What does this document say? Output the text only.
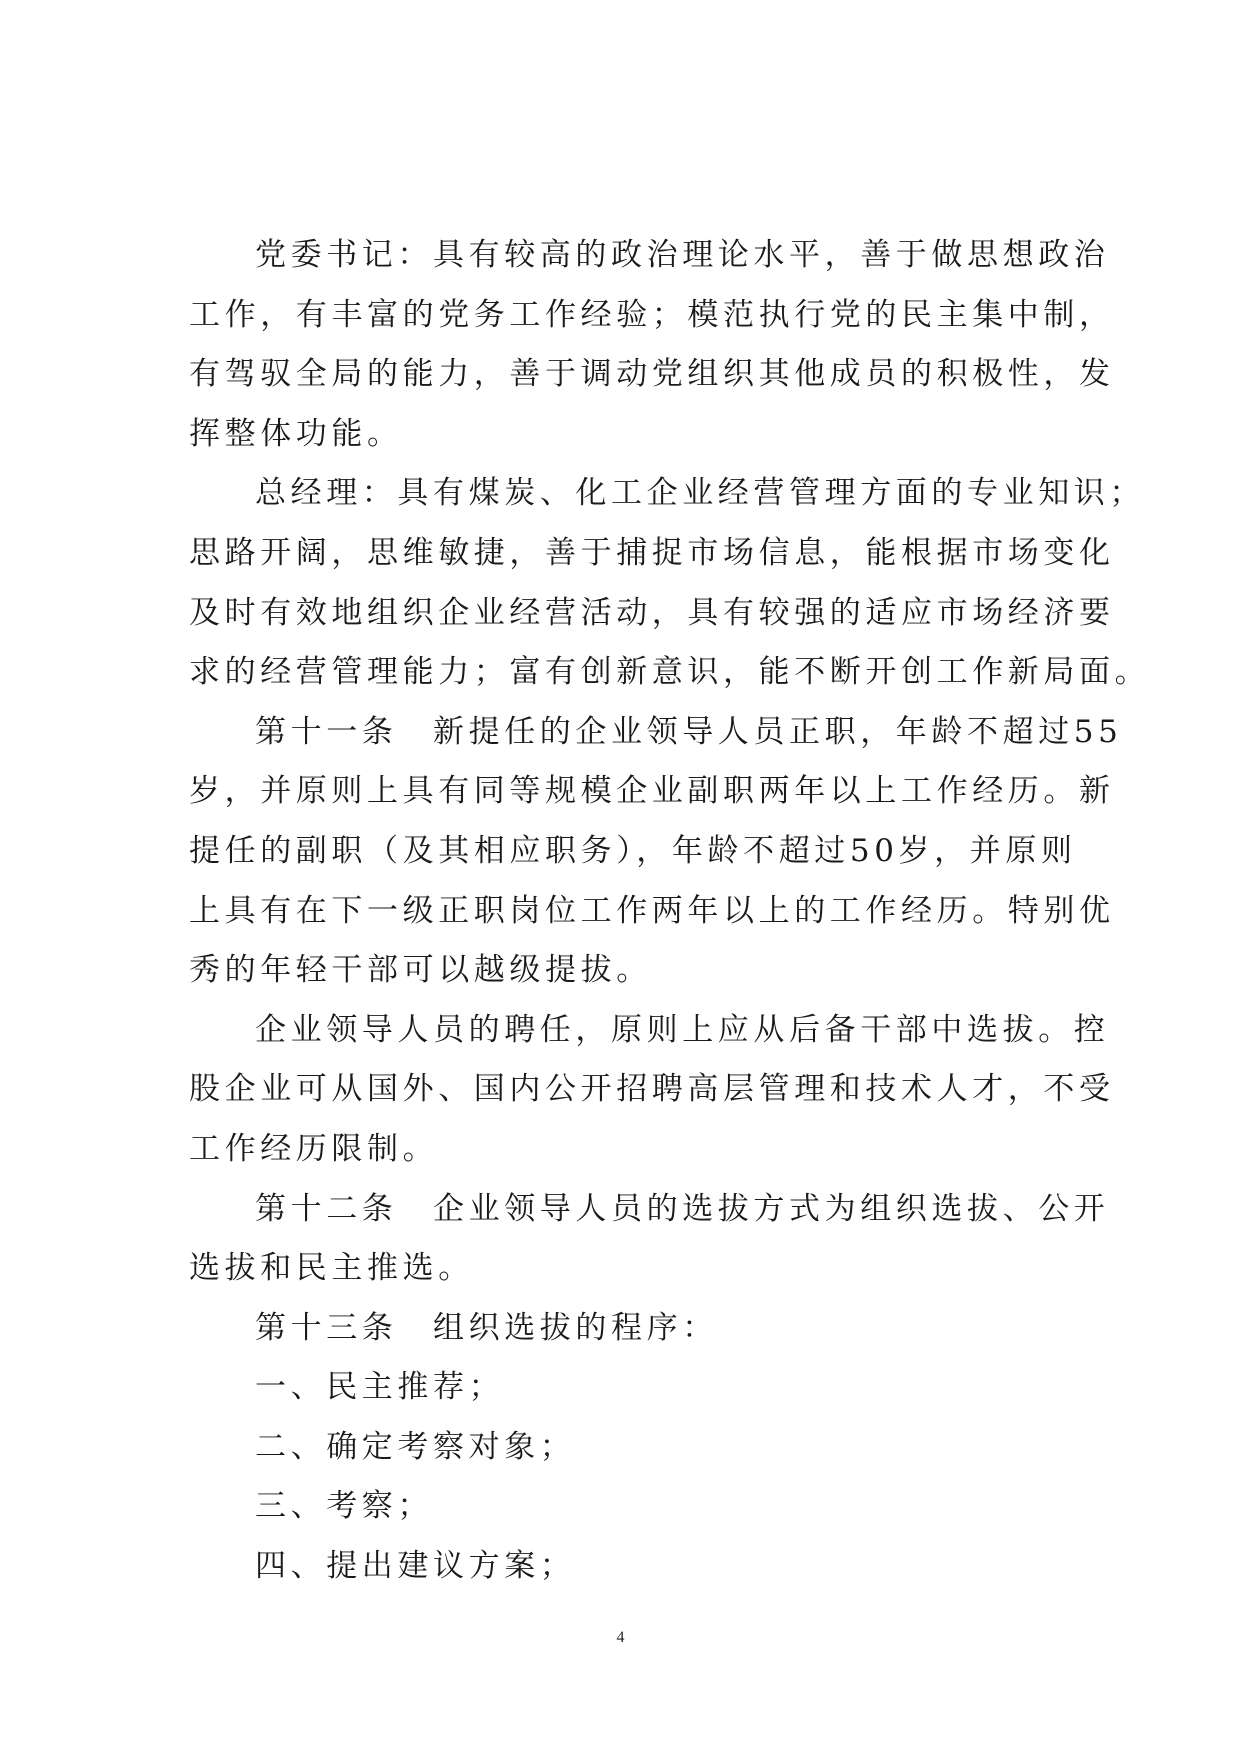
党委书记：具有较高的政治理论水平，善于做思想政治
工作，有丰富的党务工作经验；模范执行党的民主集中制，
有驾驭全局的能力，善于调动党组织其他成员的积极性，发
挥整体功能。
总经理：具有煤炭、化工企业经营管理方面的专业知识；
思路开阔，思维敏捷，善于捕捉市场信息，能根据市场变化
及时有效地组织企业经营活动，具有较强的适应市场经济要
求的经营管理能力；富有创新意识，能不断开创工作新局面。
第十一条　新提任的企业领导人员正职，年龄不超过55
岁，并原则上具有同等规模企业副职两年以上工作经历。新
提任的副职（及其相应职务），年龄不超过50岁，并原则
上具有在下一级正职岗位工作两年以上的工作经历。特别优
秀的年轻干部可以越级提拔。
企业领导人员的聘任，原则上应从后备干部中选拔。控
股企业可从国外、国内公开招聘高层管理和技术人才，不受
工作经历限制。
第十二条　企业领导人员的选拔方式为组织选拔、公开
选拔和民主推选。
第十三条　组织选拔的程序：
一、民主推荐；
二、确定考察对象；
三、考察；
四、提出建议方案；
4
